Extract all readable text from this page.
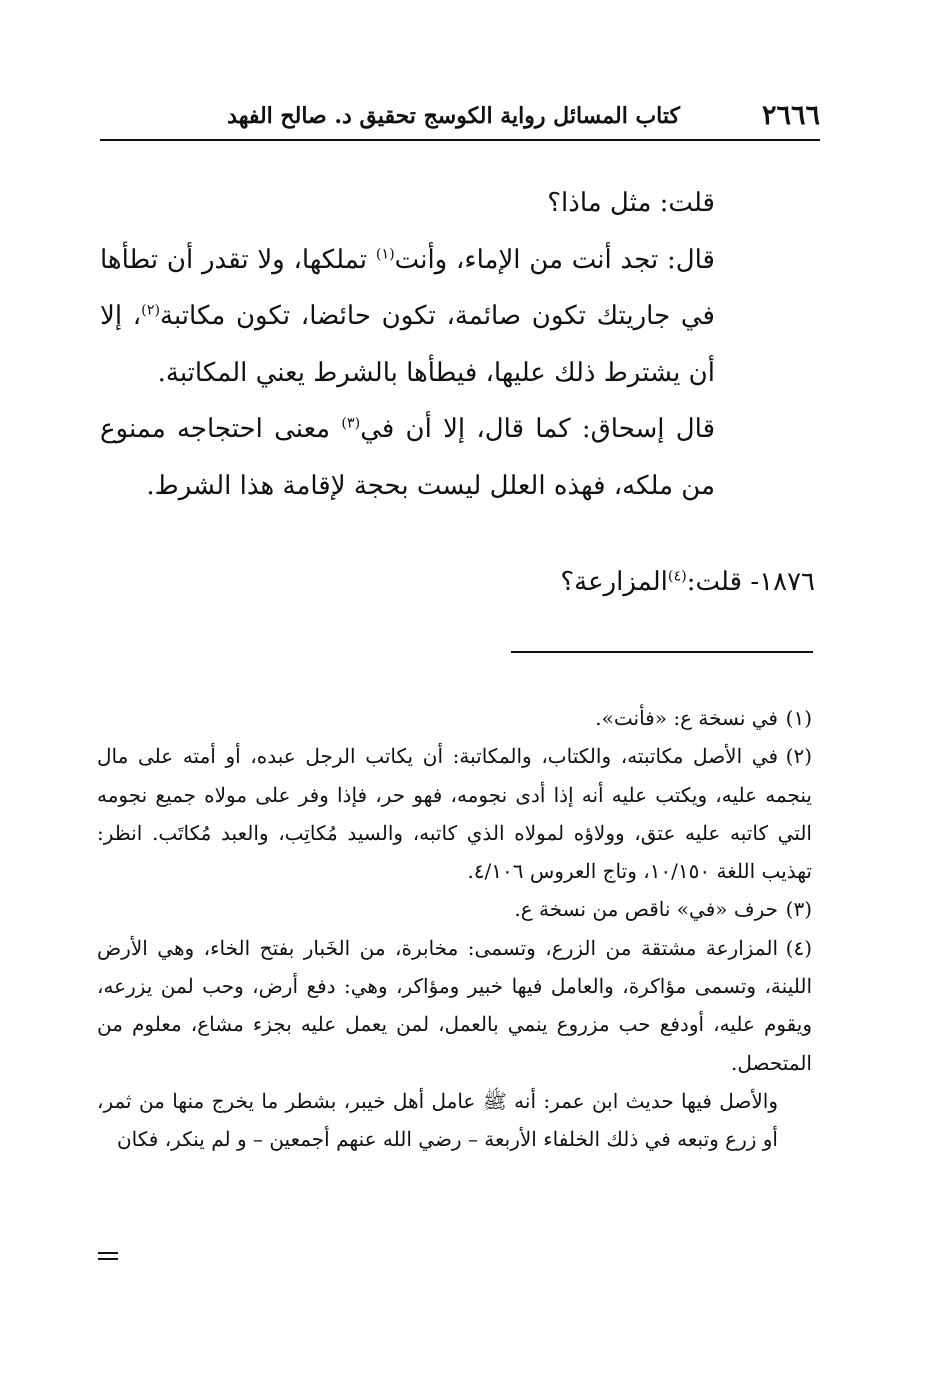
٢٦٦٦
كتاب المسائل رواية الكوسج تحقيق د. صالح الفهد

قلت: مثل ماذا؟

قال: تجد أنت من الإماء، وأنت$^{(١)}$ تملكها، ولا تقدر أن تطأها في جاريتك تكون صائمة، تكون حائضا، تكون مكاتبة$^{(٢)}$، إلا أن يشترط ذلك عليها، فيطأها بالشرط يعني المكاتبة.

قال إسحاق: كما قال، إلا أن في$^{(٣)}$ معنى احتجاجه ممنوع من ملكه، فهذه العلل ليست بحجة لإقامة هذا الشرط.

١٨٧٦- قلت:$^{(٤)}$المزارعة؟

(١)في نسخة ع: «فأنت».

(٢)في الأصل مكاتبته، والكتاب، والمكاتبة: أن يكاتب الرجل عبده، أو أمته على مال ينجمه عليه، ويكتب عليه أنه إذا أدى نجومه، فهو حر، فإذا وفر على مولاه جميع نجومه التي كاتبه عليه عتق، وولاؤه لمولاه الذي كاتبه، والسيد مُكاتِب، والعبد مُكاتَب. انظر: تهذيب اللغة ١٠/١٥٠، وتاج العروس ٤/١٠٦.

(٣)حرف «في» ناقص من نسخة ع.

(٤)المزارعة مشتقة من الزرع، وتسمى: مخابرة، من الخَبار بفتح الخاء، وهي الأرض اللينة، وتسمى مؤاكرة، والعامل فيها خبير ومؤاكر، وهي: دفع أرض، وحب لمن يزرعه، ويقوم عليه، أودفع حب مزروع ينمي بالعمل، لمن يعمل عليه بجزء مشاع، معلوم من المتحصل.

والأصل فيها حديث ابن عمر: أنه ﷺ عامل أهل خيبر، بشطر ما يخرج منها من ثمر، أو زرع وتبعه في ذلك الخلفاء الأربعة – رضي الله عنهم أجمعين – و لم ينكر، فكان
